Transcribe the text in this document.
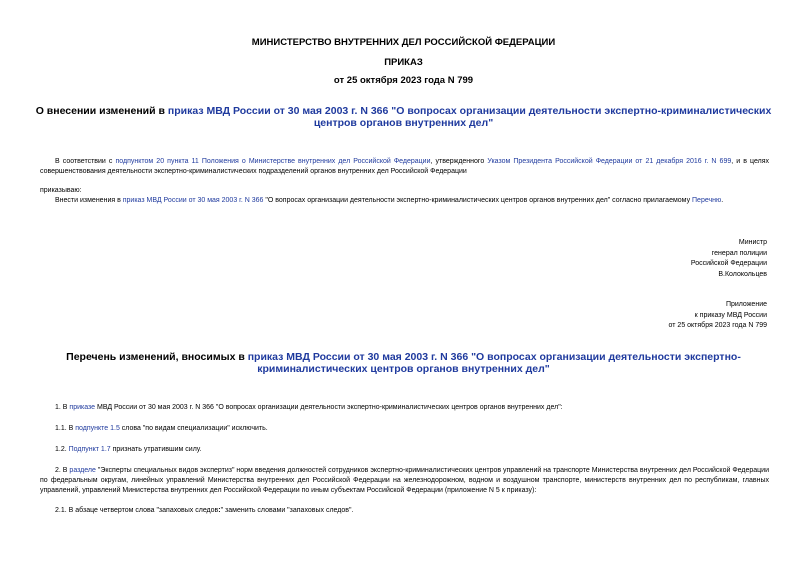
МИНИСТЕРСТВО ВНУТРЕННИХ ДЕЛ РОССИЙСКОЙ ФЕДЕРАЦИИ
ПРИКАЗ
от 25 октября 2023 года N 799
О внесении изменений в приказ МВД России от 30 мая 2003 г. N 366 "О вопросах организации деятельности экспертно-криминалистических центров органов внутренних дел"
В соответствии с подпунктом 20 пункта 11 Положения о Министерстве внутренних дел Российской Федерации, утвержденного Указом Президента Российской Федерации от 21 декабря 2016 г. N 699, и в целях совершенствования деятельности экспертно-криминалистических подразделений органов внутренних дел Российской Федерации
приказываю:
Внести изменения в приказ МВД России от 30 мая 2003 г. N 366 "О вопросах организации деятельности экспертно-криминалистических центров органов внутренних дел" согласно прилагаемому Перечню.
Министр
генерал полиции
Российской Федерации
В.Колокольцев
Приложение
к приказу МВД России
от 25 октября 2023 года N 799
Перечень изменений, вносимых в приказ МВД России от 30 мая 2003 г. N 366 "О вопросах организации деятельности экспертно-криминалистических центров органов внутренних дел"
1. В приказе МВД России от 30 мая 2003 г. N 366 "О вопросах организации деятельности экспертно-криминалистических центров органов внутренних дел":
1.1. В подпункте 1.5 слова "по видам специализации" исключить.
1.2. Подпункт 1.7 признать утратившим силу.
2. В разделе "Эксперты специальных видов экспертиз" норм введения должностей сотрудников экспертно-криминалистических центров управлений на транспорте Министерства внутренних дел Российской Федерации по федеральным округам, линейных управлений Министерства внутренних дел Российской Федерации на железнодорожном, водном и воздушном транспорте, министерств внутренних дел по республикам, главных управлений, управлений Министерства внутренних дел Российской Федерации по иным субъектам Российской Федерации (приложение N 5 к приказу):
2.1. В абзаце четвертом слова "запаховых следов:" заменить словами "запаховых следов".
